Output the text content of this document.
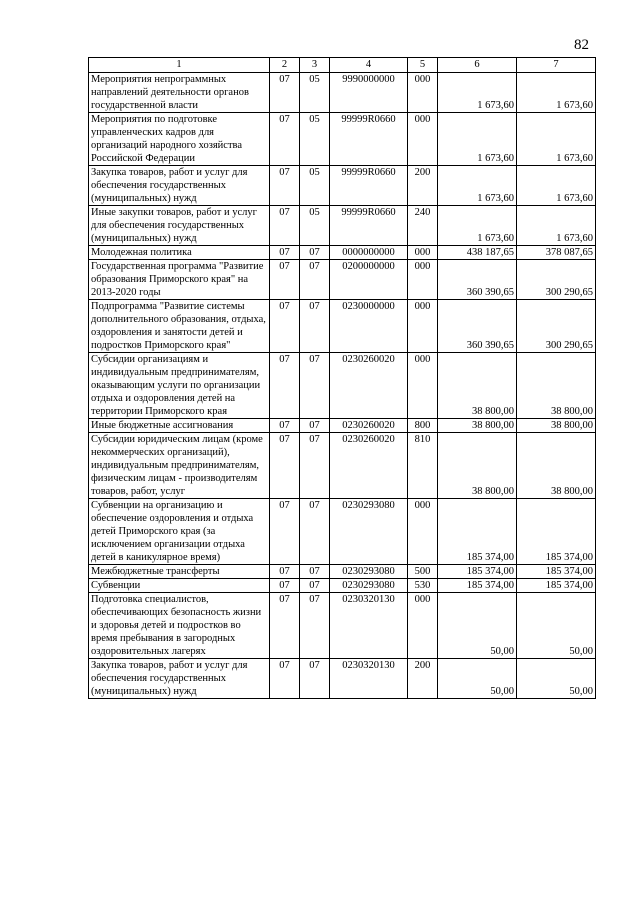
82
1	2	3	4	5	6	7
Мероприятия непрограммных направлений деятельности органов государственной власти	07	05	9990000000	000	1 673,60	1 673,60
Мероприятия по подготовке управленческих кадров для организаций народного хозяйства Российской Федерации	07	05	99999R0660	000	1 673,60	1 673,60
Закупка товаров, работ и услуг для обеспечения государственных (муниципальных) нужд	07	05	99999R0660	200	1 673,60	1 673,60
Иные закупки товаров, работ и услуг для обеспечения государственных (муниципальных) нужд	07	05	99999R0660	240	1 673,60	1 673,60
Молодежная политика	07	07	0000000000	000	438 187,65	378 087,65
Государственная программа "Развитие образования Приморского края" на 2013-2020 годы	07	07	0200000000	000	360 390,65	300 290,65
Подпрограмма "Развитие системы дополнительного образования, отдыха, оздоровления и занятости детей и подростков Приморского края"	07	07	0230000000	000	360 390,65	300 290,65
Субсидии организациям и индивидуальным предпринимателям, оказывающим услуги по организации отдыха и оздоровления детей на территории Приморского края	07	07	0230260020	000	38 800,00	38 800,00
Иные бюджетные ассигнования	07	07	0230260020	800	38 800,00	38 800,00
Субсидии юридическим лицам (кроме некоммерческих организаций), индивидуальным предпринимателям, физическим лицам - производителям товаров, работ, услуг	07	07	0230260020	810	38 800,00	38 800,00
Субвенции на организацию и обеспечение оздоровления и отдыха детей Приморского края (за исключением организации отдыха детей в каникулярное время)	07	07	0230293080	000	185 374,00	185 374,00
Межбюджетные трансферты	07	07	0230293080	500	185 374,00	185 374,00
Субвенции	07	07	0230293080	530	185 374,00	185 374,00
Подготовка специалистов, обеспечивающих безопасность жизни и здоровья детей и подростков во время пребывания в загородных оздоровительных лагерях	07	07	0230320130	000	50,00	50,00
Закупка товаров, работ и услуг для обеспечения государственных (муниципальных) нужд	07	07	0230320130	200	50,00	50,00
